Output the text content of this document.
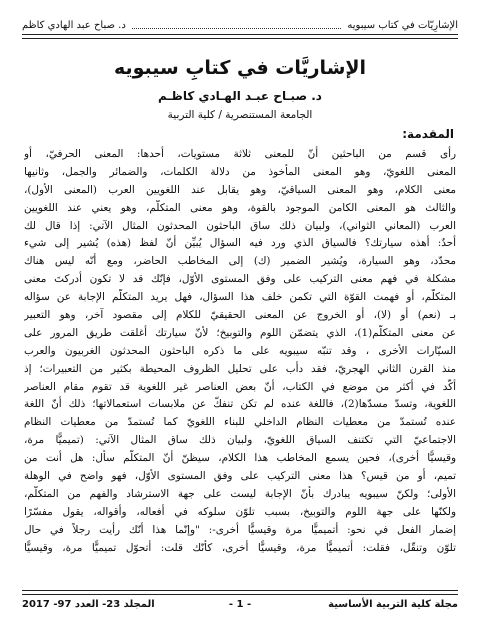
الإشارِيّات في كتاب سيبويه
د. صباح عبد الهادي كاظم
الإشاريَّات في كتابِ سيبويه
د. صبـاح عبـد الهـادي كاظـم
الجامعة المستنصرية / كلية التربية
المقدمة:
رأى قسم من الباحثين أنّ للمعنى ثلاثة مستويات، أحدها: المعنى الحرفيّ، أو
المعنى اللغويّ، وهو المعنى المأخوذ من دلالة الكلمات، والضمائر والجمل، وثانيها
معنى الكلام، وهو المعنى السياقيّ، وهو يقابل عند اللغويين العرب (المعنى الأول)،
والثالث هو المعنى الكامن الموجود بالقوة، وهو معنى المتكلّم، وهو يعني عند اللغويين
العرب (المعاني الثواني)، ولبيان ذلك ساق الباحثون المحدثون المثال الآتي: إذا قال لك
أحدٌ: أهذه سيارتك؟ فالسياق الذي ورد فيه السؤال يُبيِّن أنّ لفظ (هذه) يُشير إلى شيء
محدّد، وهو السيارة، ويُشير الضمير (ك) إلى المخاطب الحاضر، ومع أنّه ليس هناك
مشكلة في فهم معنى التركيب على وفق المستوى الأوّل، فإنّك قد لا تكون أدركتَ معنى
المتكلّم، أو فهمت القوّة التي تكمن خلف هذا السؤال، فهل يريد المتكلّم الإجابة عن سؤاله
بـ (نعم) أو (لا)، أو الخروج عن المعنى الحقيقيّ للكلام إلى مقصود آخر، وهو التعبير
عن معنى المتكلّم(1)، الذي يتضمّن اللوم والتوبيخ؛ لأنّ سيارتك أغلقت طريق المرور على
السيّارات الأخرى ، وقد تنبّه سيبويه على ما ذكره الباحثون المحدثون الغربيون والعرب
منذ القرن الثاني الهجريّ، فقد دأب على تحليل الظروف المحيطة بكثير من التعبيرات؛ إذ
أكّد في أكثر من موضع في الكتاب، أنّ بعض العناصر غير اللغوية قد تقوم مقام العناصر
اللغوية، وتسدّ مسدّها(2)، فاللغة عنده لم تكن تنفكّ عن ملابسات استعمالاتها؛ ذلك أنّ اللغة
عنده تُستمدّ من معطيات النظام الداخلي للبناء اللغويّ كما تُستمدّ من معطيات النظام
الاجتماعيّ التي تكتنف السياق اللغويّ، ولبيان ذلك ساق المثال الآتي: (تميميًّا مرة،
وقيسيًّا أخرى)، فحين يسمع المخاطب هذا الكلام، سيظنّ أنّ المتكلّم سأل: هل أنت من
تميم، أو من قيس؟ هذا معنى التركيب على وفق المستوى الأوّل، فهو واضح في الوهلة
الأولى؛ ولكنّ سيبويه يبادرك بأنّ الإجابة ليست على جهة الاسترشاد والفهم من المتكلّم،
ولكنّها على جهة اللوم والتوبيخ، بسبب تلوّن سلوكه في أفعاله، وأقواله، يقول مفسّرًا
إضمار الفعل في نحو: أتميميًّا مرة وقيسيًّا أخرى-: "وإنّما هذا أنّك رأيت رجلاً في حال
تلوّن وتنقّل، فقلت: أتميميًّا مرة، وقيسيًّا أخرى، كأنّك قلت: أتحوّل تميميًّا مرة، وقيسيًّا
مجلة كلية التربية الأساسية
- 1 -
المجلد 23- العدد 97- 2017
